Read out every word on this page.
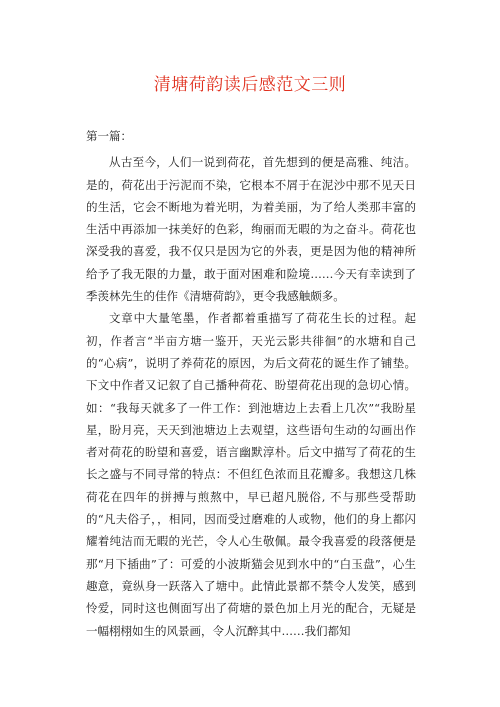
清塘荷韵读后感范文三则

第一篇：

从古至今，人们一说到荷花，首先想到的便是高雅、纯洁。是的，荷花出于污泥而不染，它根本不屑于在泥沙中那不见天日的生活，它会不断地为着光明，为着美丽，为了给人类那丰富的生活中再添加一抹美好的色彩，绚丽而无暇的为之奋斗。荷花也深受我的喜爱，我不仅只是因为它的外表，更是因为他的精神所给予了我无限的力量，敢于面对困难和险境……今天有幸读到了季羡林先生的佳作《清塘荷韵》，更令我感触颇多。

文章中大量笔墨，作者都着重描写了荷花生长的过程。起初，作者言“半亩方塘一鉴开，天光云影共徘徊”的水塘和自己的“心病”，说明了养荷花的原因，为后文荷花的诞生作了铺垫。下文中作者又记叙了自己播种荷花、盼望荷花出现的急切心情。如：“我每天就多了一件工作：到池塘边上去看上几次”“我盼星星，盼月亮，天天到池塘边上去观望，这些语句生动的勾画出作者对荷花的盼望和喜爱，语言幽默淳朴。后文中描写了荷花的生长之盛与不同寻常的特点：不但红色浓而且花瓣多。我想这几株荷花在四年的拼搏与煎熬中，早已超凡脱俗, 不与那些受帮助的“凡夫俗子，，相同，因而受过磨难的人或物，他们的身上都闪耀着纯洁而无暇的光芒，令人心生敬佩。最令我喜爱的段落便是那“月下插曲”了：可爱的小波斯猫会见到水中的“白玉盘”，心生趣意，竟纵身一跃落入了塘中。此情此景都不禁令人发笑，感到怜爱，同时这也侧面写出了荷塘的景色加上月光的配合，无疑是一幅栩栩如生的风景画，令人沉醉其中……我们都知
